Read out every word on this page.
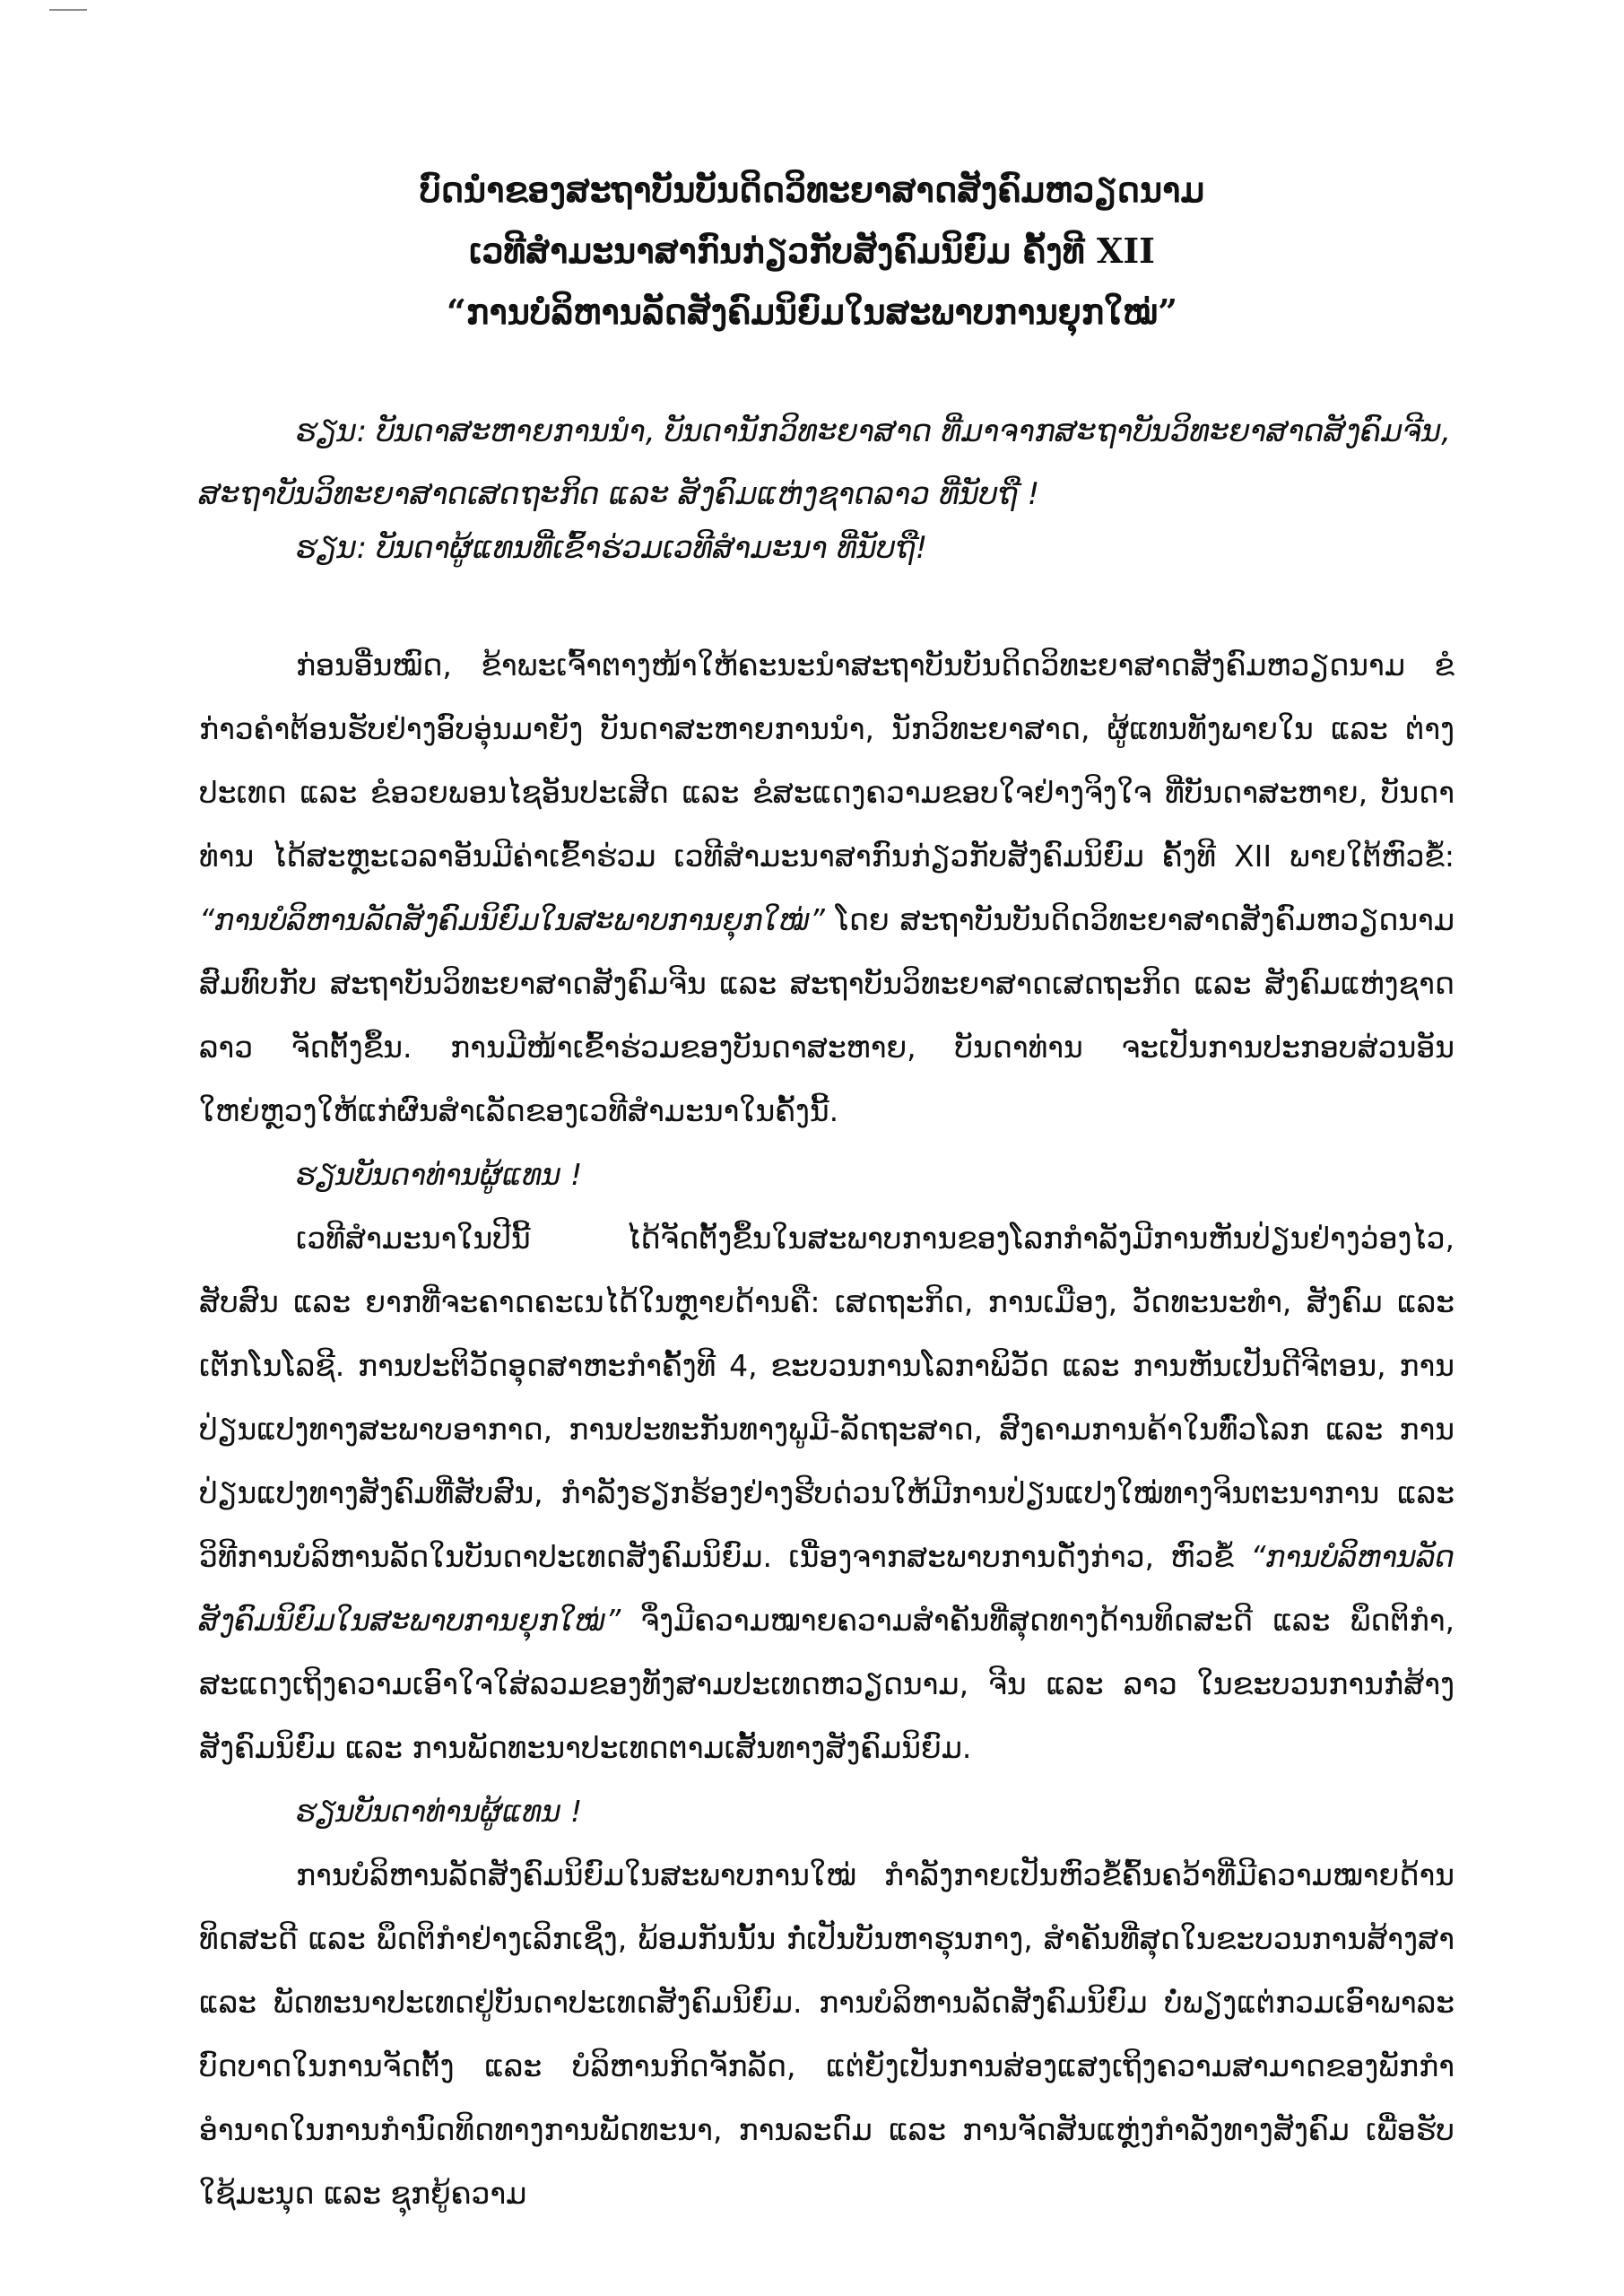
ບົດນຳຂອງສະຖາບັນບັນດິດວິທະຍາສາດສັງຄົມຫວຽດນາມ
ເວທີສຳມະນາສາກົນກ່ຽວກັບສັງຄົມນິຍົມ ຄັ້ງທີ XII
“ການບໍລິຫານລັດສັງຄົມນິຍົມໃນສະພາບການຍຸກໃໝ່”
ຮຽນ: ບັນດາສະຫາຍການນຳ, ບັນດານັກວິທະຍາສາດ ທີ່ມາຈາກສະຖາບັນວິທະຍາສາດສັງຄົມຈີນ, ສະຖາບັນວິທະຍາສາດເສດຖະກິດ ແລະ ສັງຄົມແຫ່ງຊາດລາວ ທີ່ນັບຖື !
ຮຽນ: ບັນດາຜູ້ແທນທີ່ເຂົ້າຮ່ວມເວທີສຳມະນາ ທີ່ນັບຖື!

ກ່ອນອື່ນໝົດ, ຂ້າພະເຈົ້າຕາງໜ້າໃຫ້ຄະນະນຳສະຖາບັນບັນດິດວິທະຍາສາດສັງຄົມຫວຽດນາມ ຂໍກ່າວຄຳຕ້ອນຮັບຢ່າງອົບອຸ່ນມາຍັງ ບັນດາສະຫາຍການນຳ, ນັກວິທະຍາສາດ, ຜູ້ແທນທັງພາຍໃນ ແລະ ຕ່າງປະເທດ ແລະ ຂໍອວຍພອນໄຊອັນປະເສີດ ແລະ ຂໍສະແດງຄວາມຂອບໃຈຢ່າງຈິງໃຈ ທີ່ບັນດາສະຫາຍ, ບັນດາທ່ານ ໄດ້ສະຫຼະເວລາອັນມີຄ່າເຂົ້າຮ່ວມ ເວທີສຳມະນາສາກົນກ່ຽວກັບສັງຄົມນິຍົມ ຄັ້ງທີ XII ພາຍໃຕ້ຫົວຂໍ້: “ການບໍລິຫານລັດສັງຄົມນິຍົມໃນສະພາບການຍຸກໃໝ່” ໂດຍ ສະຖາບັນບັນດິດວິທະຍາສາດສັງຄົມຫວຽດນາມ ສົມທົບກັບ ສະຖາບັນວິທະຍາສາດສັງຄົມຈີນ ແລະ ສະຖາບັນວິທະຍາສາດເສດຖະກິດ ແລະ ສັງຄົມແຫ່ງຊາດລາວ ຈັດຕັ້ງຂຶ້ນ. ການມີໜ້າເຂົ້າຮ່ວມຂອງບັນດາສະຫາຍ, ບັນດາທ່ານ ຈະເປັນການປະກອບສ່ວນອັນໃຫຍ່ຫຼວງໃຫ້ແກ່ຜົນສຳເລັດຂອງເວທີສຳມະນາໃນຄັ້ງນີ້.

ຮຽນບັນດາທ່ານຜູ້ແທນ !

ເວທີສຳມະນາໃນປີນີ້ ໄດ້ຈັດຕັ້ງຂຶ້ນໃນສະພາບການຂອງໂລກກຳລັງມີການຫັນປ່ຽນຢ່າງວ່ອງໄວ, ສັບສົນ ແລະ ຍາກທີ່ຈະຄາດຄະເນໄດ້ໃນຫຼາຍດ້ານຄື: ເສດຖະກິດ, ການເມືອງ, ວັດທະນະທຳ, ສັງຄົມ ແລະ ເຕັກໂນໂລຊີ. ການປະຕິວັດອຸດສາຫະກຳຄັ້ງທີ 4, ຂະບວນການໂລກາພິວັດ ແລະ ການຫັນເປັນດີຈີຕອນ, ການປ່ຽນແປງທາງສະພາບອາກາດ, ການປະທະກັນທາງພູມີ-ລັດຖະສາດ, ສົງຄາມການຄ້າໃນທົ່ວໂລກ ແລະ ການປ່ຽນແປງທາງສັງຄົມທີ່ສັບສົນ, ກຳລັງຮຽກຮ້ອງຢ່າງຮີບດ່ວນໃຫ້ມີການປ່ຽນແປງໃໝ່ທາງຈິນຕະນາການ ແລະ ວິທີການບໍລິຫານລັດໃນບັນດາປະເທດສັງຄົມນິຍົມ. ເນື່ອງຈາກສະພາບການດັ່ງກ່າວ, ຫົວຂໍ້ “ການບໍລິຫານລັດສັງຄົມນິຍົມໃນສະພາບການຍຸກໃໝ່” ຈຶ່ງມີຄວາມໝາຍຄວາມສຳຄັນທີ່ສຸດທາງດ້ານທິດສະດີ ແລະ ພຶດຕິກຳ, ສະແດງເຖິງຄວາມເອົາໃຈໃສ່ລວມຂອງທັງສາມປະເທດຫວຽດນາມ, ຈີນ ແລະ ລາວ ໃນຂະບວນການກໍ່ສ້າງສັງຄົມນິຍົມ ແລະ ການພັດທະນາປະເທດຕາມເສັ້ນທາງສັງຄົມນິຍົມ.

ຮຽນບັນດາທ່ານຜູ້ແທນ !

ການບໍລິຫານລັດສັງຄົມນິຍົມໃນສະພາບການໃໝ່ ກຳລັງກາຍເປັນຫົວຂໍ້ຄົ້ນຄວ້າທີ່ມີຄວາມໝາຍດ້ານທິດສະດີ ແລະ ພຶດຕິກຳຢ່າງເລິກເຊິ່ງ, ພ້ອມກັນນັ້ນ ກໍ່ເປັນບັນຫາຮຸນກາງ, ສຳຄັນທີ່ສຸດໃນຂະບວນການສ້າງສາ ແລະ ພັດທະນາປະເທດຢູ່ບັນດາປະເທດສັງຄົມນິຍົມ. ການບໍລິຫານລັດສັງຄົມນິຍົມ ບໍ່ພຽງແຕ່ກວມເອົາພາລະບົດບາດໃນການຈັດຕັ້ງ ແລະ ບໍລິຫານກິດຈັກລັດ, ແຕ່ຍັງເປັນການສ່ອງແສງເຖິງຄວາມສາມາດຂອງພັກກຳອຳນາດໃນການກຳນົດທິດທາງການພັດທະນາ, ການລະດົມ ແລະ ການຈັດສັນແຫຼ່ງກຳລັງທາງສັງຄົມ ເພື່ອຮັບໃຊ້ມະນຸດ ແລະ ຊຸກຍູ້ຄວາມ
